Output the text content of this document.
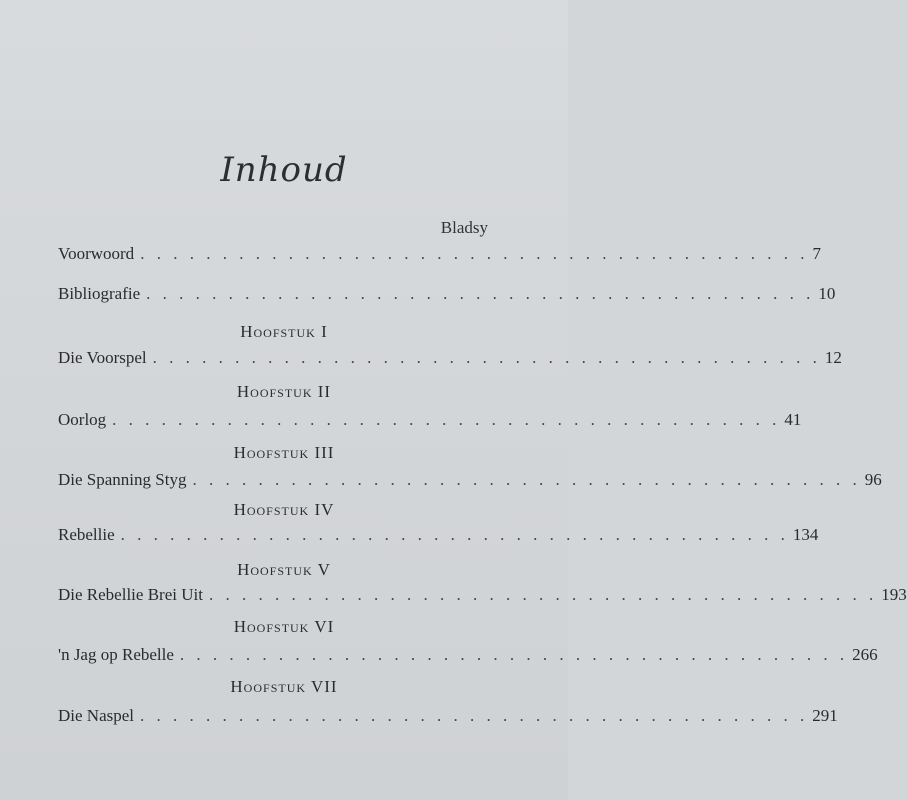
Inhoud
Bladsy
Voorwoord . . . . . . . . . . . . . . . . . . . . . . . . . . . . . . . . . . . . . . . . . 7
Bibliografie . . . . . . . . . . . . . . . . . . . . . . . . . . . . . . . . . . . . . . . . . 10
Hoofstuk I
Die Voorspel . . . . . . . . . . . . . . . . . . . . . . . . . . . . . . . . . . . . . . . . . 12
Hoofstuk II
Oorlog . . . . . . . . . . . . . . . . . . . . . . . . . . . . . . . . . . . . . . . . . 41
Hoofstuk III
Die Spanning Styg . . . . . . . . . . . . . . . . . . . . . . . . . . . . . . . . . . . . . . . . . 96
Hoofstuk IV
Rebellie . . . . . . . . . . . . . . . . . . . . . . . . . . . . . . . . . . . . . . . . . 134
Hoofstuk V
Die Rebellie Brei Uit . . . . . . . . . . . . . . . . . . . . . . . . . . . . . . . . . . . . . . . . . 193
Hoofstuk VI
'n Jag op Rebelle . . . . . . . . . . . . . . . . . . . . . . . . . . . . . . . . . . . . . . . . . 266
Hoofstuk VII
Die Naspel . . . . . . . . . . . . . . . . . . . . . . . . . . . . . . . . . . . . . . . . . 291
